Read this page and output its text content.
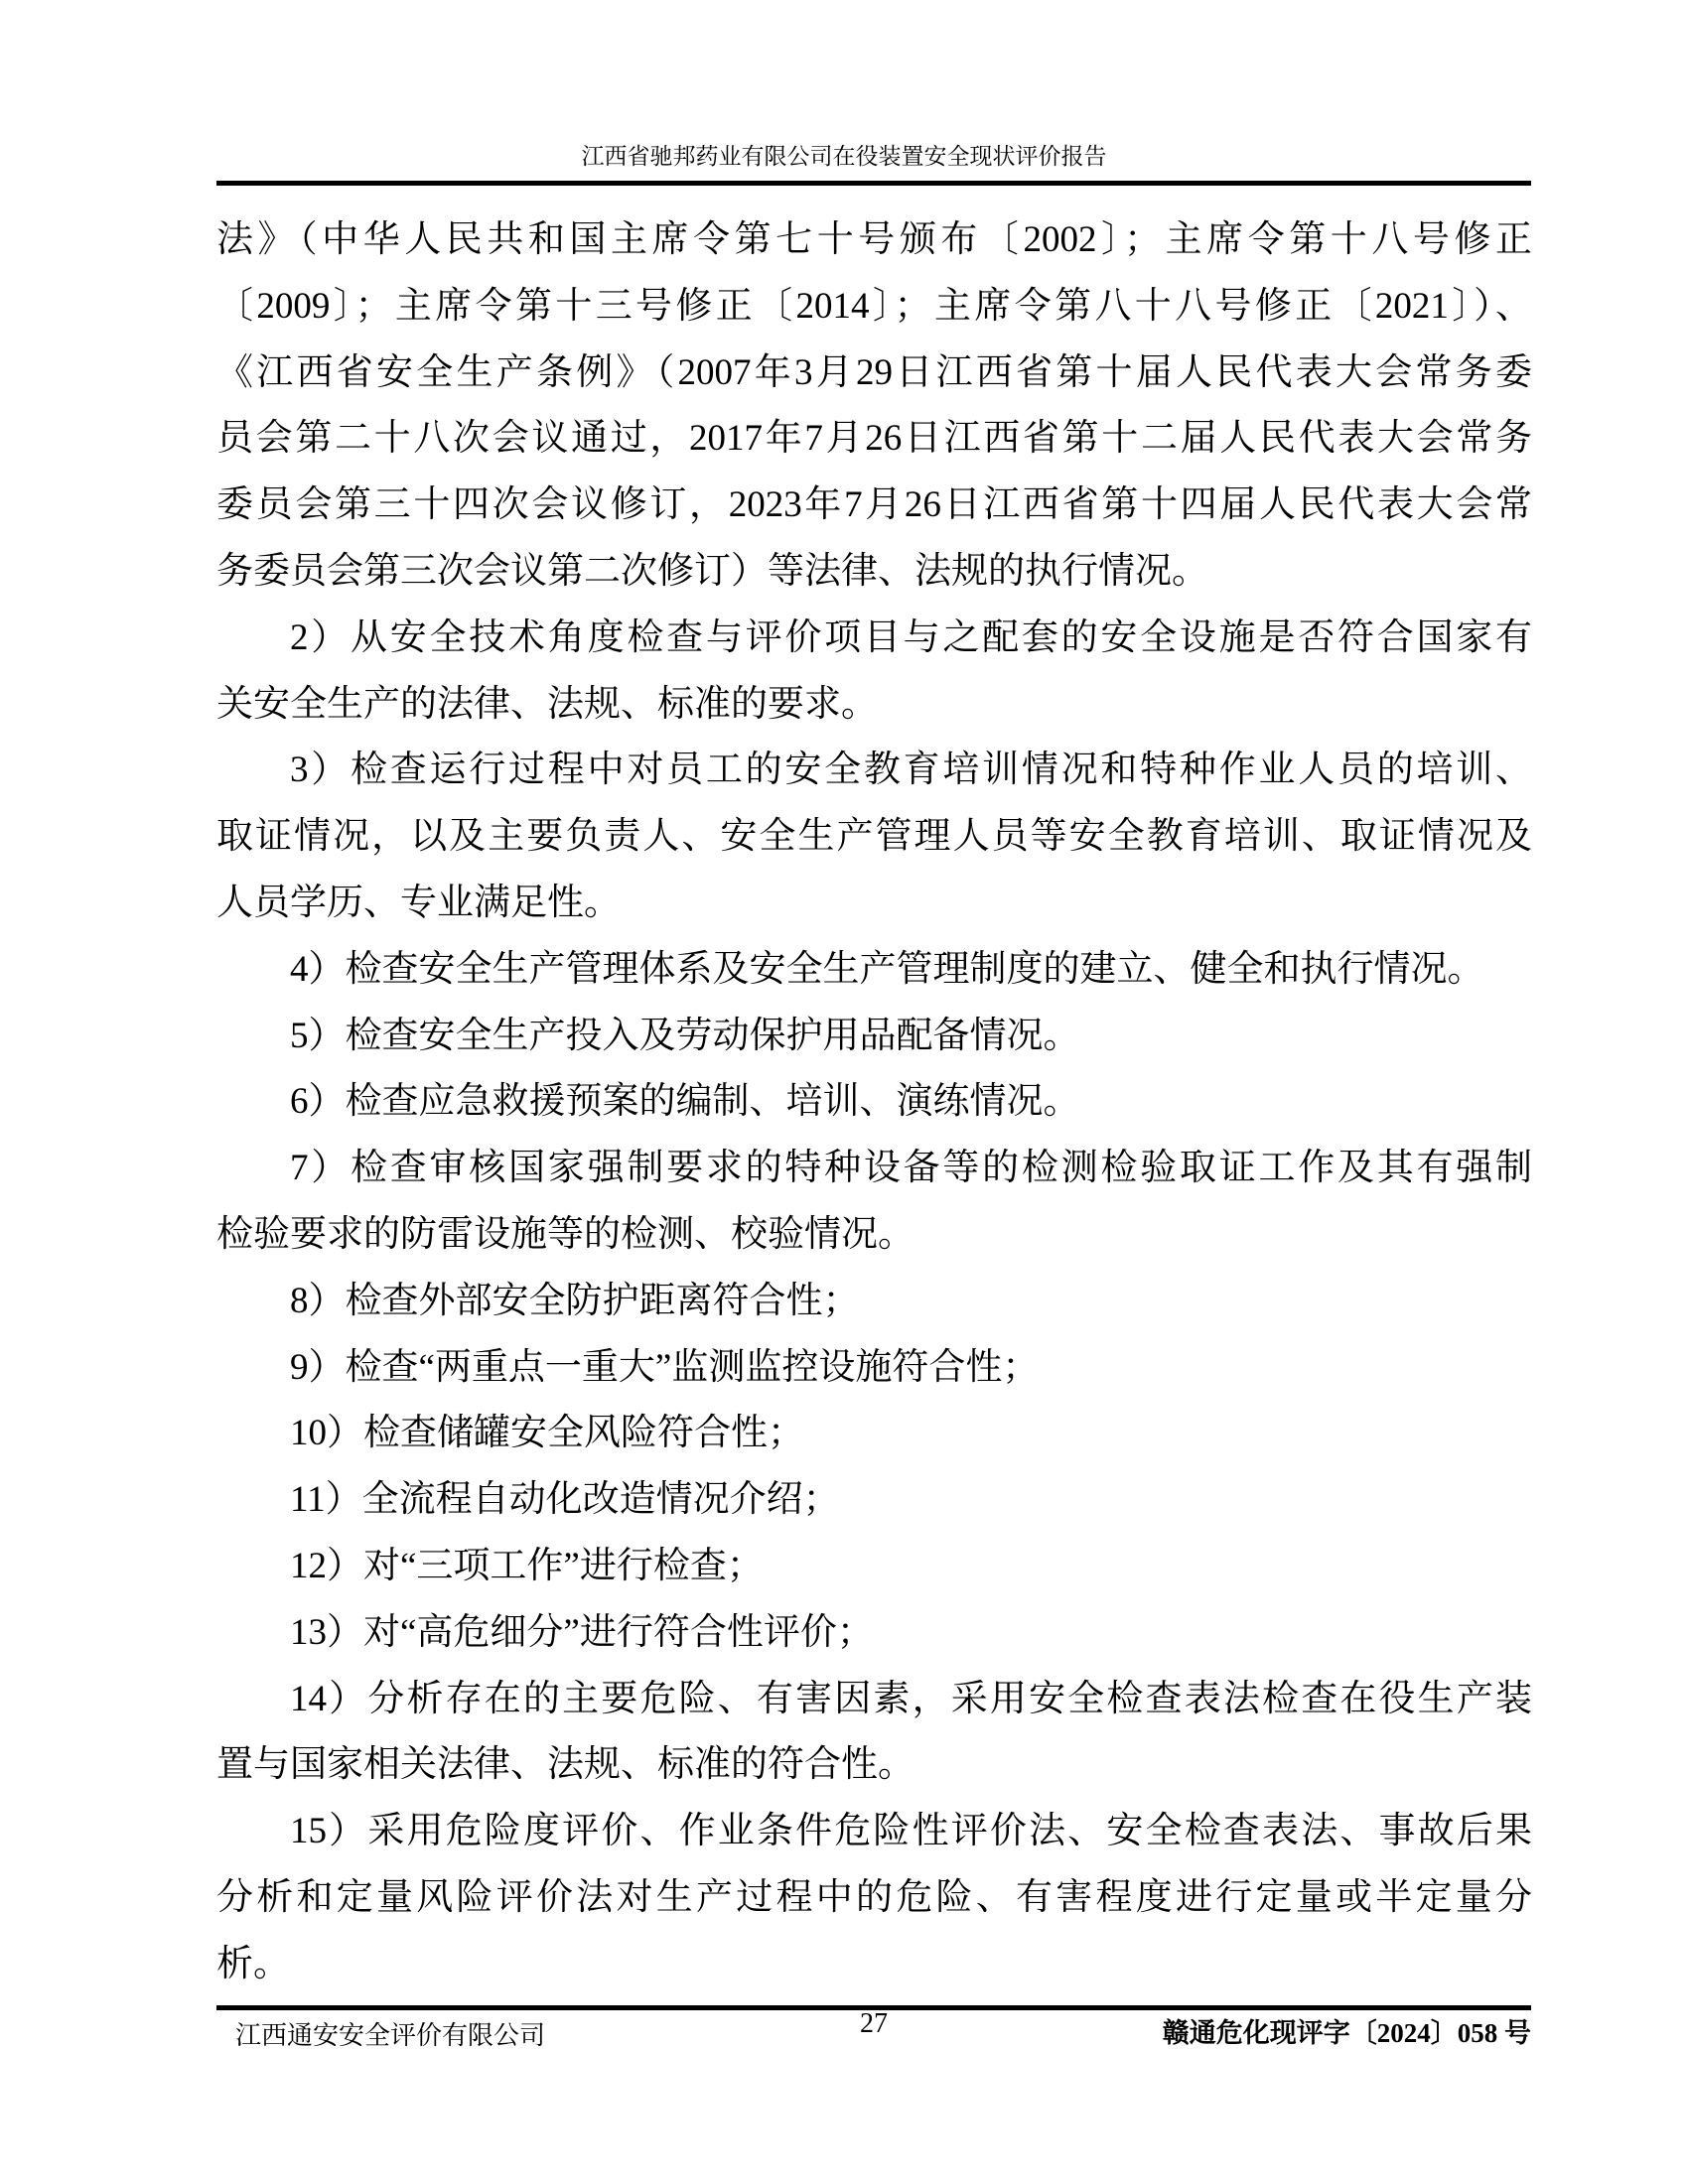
江西省驰邦药业有限公司在役装置安全现状评价报告
法》（中华人民共和国主席令第七十号颁布〔2002〕；主席令第十八号修正
〔2009〕；主席令第十三号修正〔2014〕；主席令第八十八号修正〔2021〕）、
《江西省安全生产条例》（2007年3月29日江西省第十届人民代表大会常务委
员会第二十八次会议通过，2017年7月26日江西省第十二届人民代表大会常务
委员会第三十四次会议修订，2023年7月26日江西省第十四届人民代表大会常
务委员会第三次会议第二次修订）等法律、法规的执行情况。
2）从安全技术角度检查与评价项目与之配套的安全设施是否符合国家有
关安全生产的法律、法规、标准的要求。
3）检查运行过程中对员工的安全教育培训情况和特种作业人员的培训、
取证情况，以及主要负责人、安全生产管理人员等安全教育培训、取证情况及
人员学历、专业满足性。
4）检查安全生产管理体系及安全生产管理制度的建立、健全和执行情况。
5）检查安全生产投入及劳动保护用品配备情况。
6）检查应急救援预案的编制、培训、演练情况。
7）检查审核国家强制要求的特种设备等的检测检验取证工作及其有强制
检验要求的防雷设施等的检测、校验情况。
8）检查外部安全防护距离符合性；
9）检查“两重点一重大”监测监控设施符合性；
10）检查储罐安全风险符合性；
11）全流程自动化改造情况介绍；
12）对“三项工作”进行检查；
13）对“高危细分”进行符合性评价；
14）分析存在的主要危险、有害因素，采用安全检查表法检查在役生产装
置与国家相关法律、法规、标准的符合性。
15）采用危险度评价、作业条件危险性评价法、安全检查表法、事故后果
分析和定量风险评价法对生产过程中的危险、有害程度进行定量或半定量分
析。
江西通安安全评价有限公司	27	赣通危化现评字〔2024〕058 号
